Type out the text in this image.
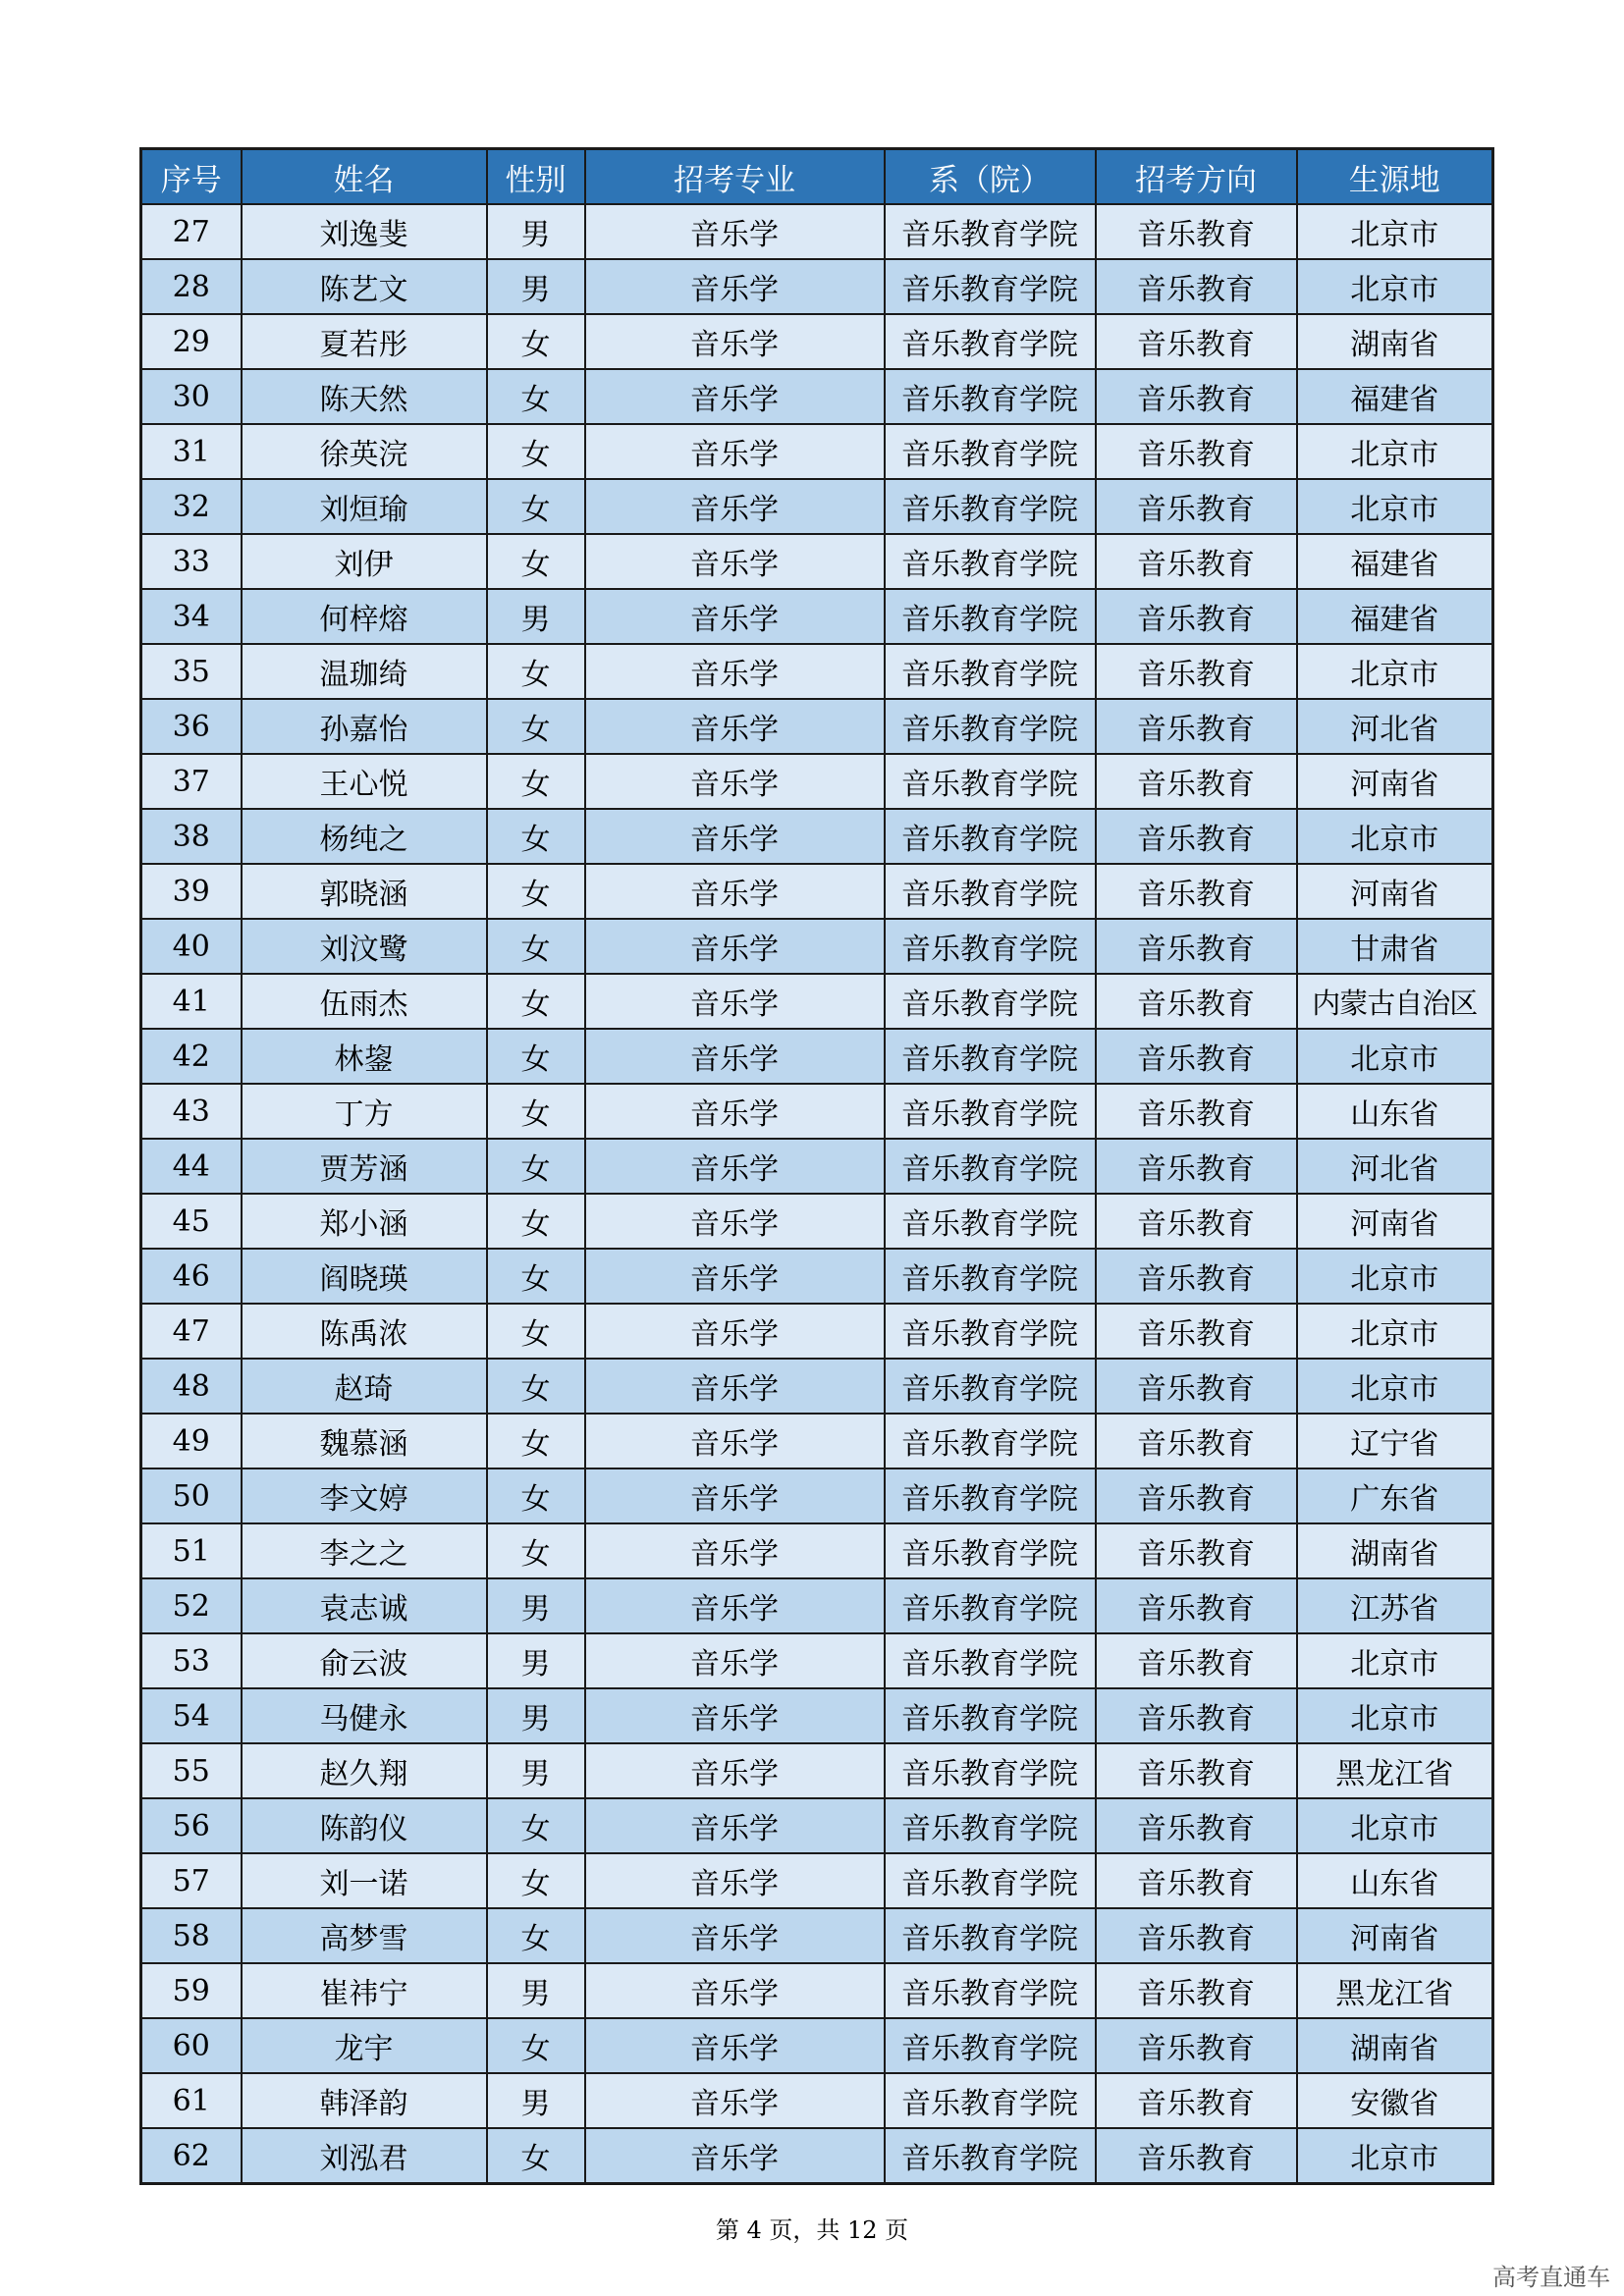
序号	姓名	性别	招考专业	系（院）	招考方向	生源地
27	刘逸斐	男	音乐学	音乐教育学院	音乐教育	北京市
28	陈艺文	男	音乐学	音乐教育学院	音乐教育	北京市
29	夏若彤	女	音乐学	音乐教育学院	音乐教育	湖南省
30	陈天然	女	音乐学	音乐教育学院	音乐教育	福建省
31	徐英浣	女	音乐学	音乐教育学院	音乐教育	北京市
32	刘烜瑜	女	音乐学	音乐教育学院	音乐教育	北京市
33	刘伊	女	音乐学	音乐教育学院	音乐教育	福建省
34	何梓熔	男	音乐学	音乐教育学院	音乐教育	福建省
35	温珈绮	女	音乐学	音乐教育学院	音乐教育	北京市
36	孙嘉怡	女	音乐学	音乐教育学院	音乐教育	河北省
37	王心悦	女	音乐学	音乐教育学院	音乐教育	河南省
38	杨纯之	女	音乐学	音乐教育学院	音乐教育	北京市
39	郭晓涵	女	音乐学	音乐教育学院	音乐教育	河南省
40	刘汶鹭	女	音乐学	音乐教育学院	音乐教育	甘肃省
41	伍雨杰	女	音乐学	音乐教育学院	音乐教育	内蒙古自治区
42	林鋆	女	音乐学	音乐教育学院	音乐教育	北京市
43	丁方	女	音乐学	音乐教育学院	音乐教育	山东省
44	贾芳涵	女	音乐学	音乐教育学院	音乐教育	河北省
45	郑小涵	女	音乐学	音乐教育学院	音乐教育	河南省
46	阎晓瑛	女	音乐学	音乐教育学院	音乐教育	北京市
47	陈禹浓	女	音乐学	音乐教育学院	音乐教育	北京市
48	赵琦	女	音乐学	音乐教育学院	音乐教育	北京市
49	魏慕涵	女	音乐学	音乐教育学院	音乐教育	辽宁省
50	李文婷	女	音乐学	音乐教育学院	音乐教育	广东省
51	李之之	女	音乐学	音乐教育学院	音乐教育	湖南省
52	袁志诚	男	音乐学	音乐教育学院	音乐教育	江苏省
53	俞云波	男	音乐学	音乐教育学院	音乐教育	北京市
54	马健永	男	音乐学	音乐教育学院	音乐教育	北京市
55	赵久翔	男	音乐学	音乐教育学院	音乐教育	黑龙江省
56	陈韵仪	女	音乐学	音乐教育学院	音乐教育	北京市
57	刘一诺	女	音乐学	音乐教育学院	音乐教育	山东省
58	高梦雪	女	音乐学	音乐教育学院	音乐教育	河南省
59	崔祎宁	男	音乐学	音乐教育学院	音乐教育	黑龙江省
60	龙宇	女	音乐学	音乐教育学院	音乐教育	湖南省
61	韩泽韵	男	音乐学	音乐教育学院	音乐教育	安徽省
62	刘泓君	女	音乐学	音乐教育学院	音乐教育	北京市
第 4 页，共 12 页
高考直通车
